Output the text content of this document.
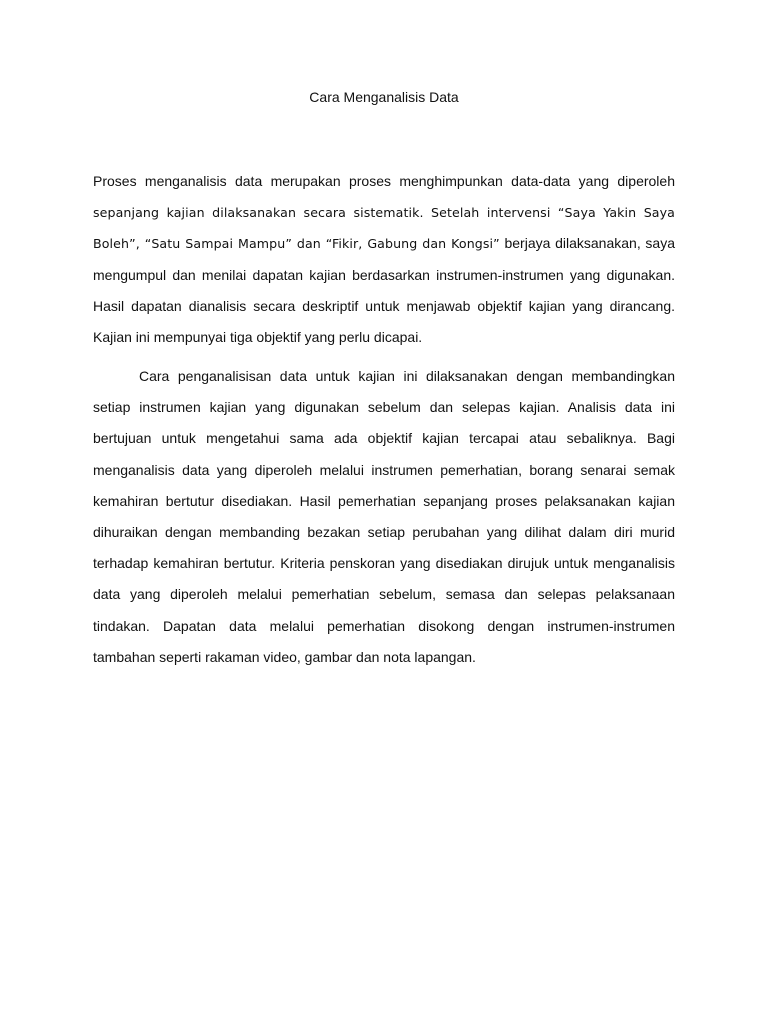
Cara Menganalisis Data

Proses menganalisis data merupakan proses menghimpunkan data-data yang diperoleh sepanjang kajian dilaksanakan secara sistematik. Setelah intervensi “Saya Yakin Saya Boleh”, “Satu Sampai Mampu” dan “Fikir, Gabung dan Kongsi” berjaya dilaksanakan, saya mengumpul dan menilai dapatan kajian berdasarkan instrumen-instrumen yang digunakan. Hasil dapatan dianalisis secara deskriptif untuk menjawab objektif kajian yang dirancang. Kajian ini mempunyai tiga objektif yang perlu dicapai.

Cara penganalisisan data untuk kajian ini dilaksanakan dengan membandingkan setiap instrumen kajian yang digunakan sebelum dan selepas kajian. Analisis data ini bertujuan untuk mengetahui sama ada objektif kajian tercapai atau sebaliknya. Bagi menganalisis data yang diperoleh melalui instrumen pemerhatian, borang senarai semak kemahiran bertutur disediakan. Hasil pemerhatian sepanjang proses pelaksanakan kajian dihuraikan dengan membanding bezakan setiap perubahan yang dilihat dalam diri murid terhadap kemahiran bertutur. Kriteria penskoran yang disediakan dirujuk untuk menganalisis data yang diperoleh melalui pemerhatian sebelum, semasa dan selepas pelaksanaan tindakan. Dapatan data melalui pemerhatian disokong dengan instrumen-instrumen tambahan seperti rakaman video, gambar dan nota lapangan.
